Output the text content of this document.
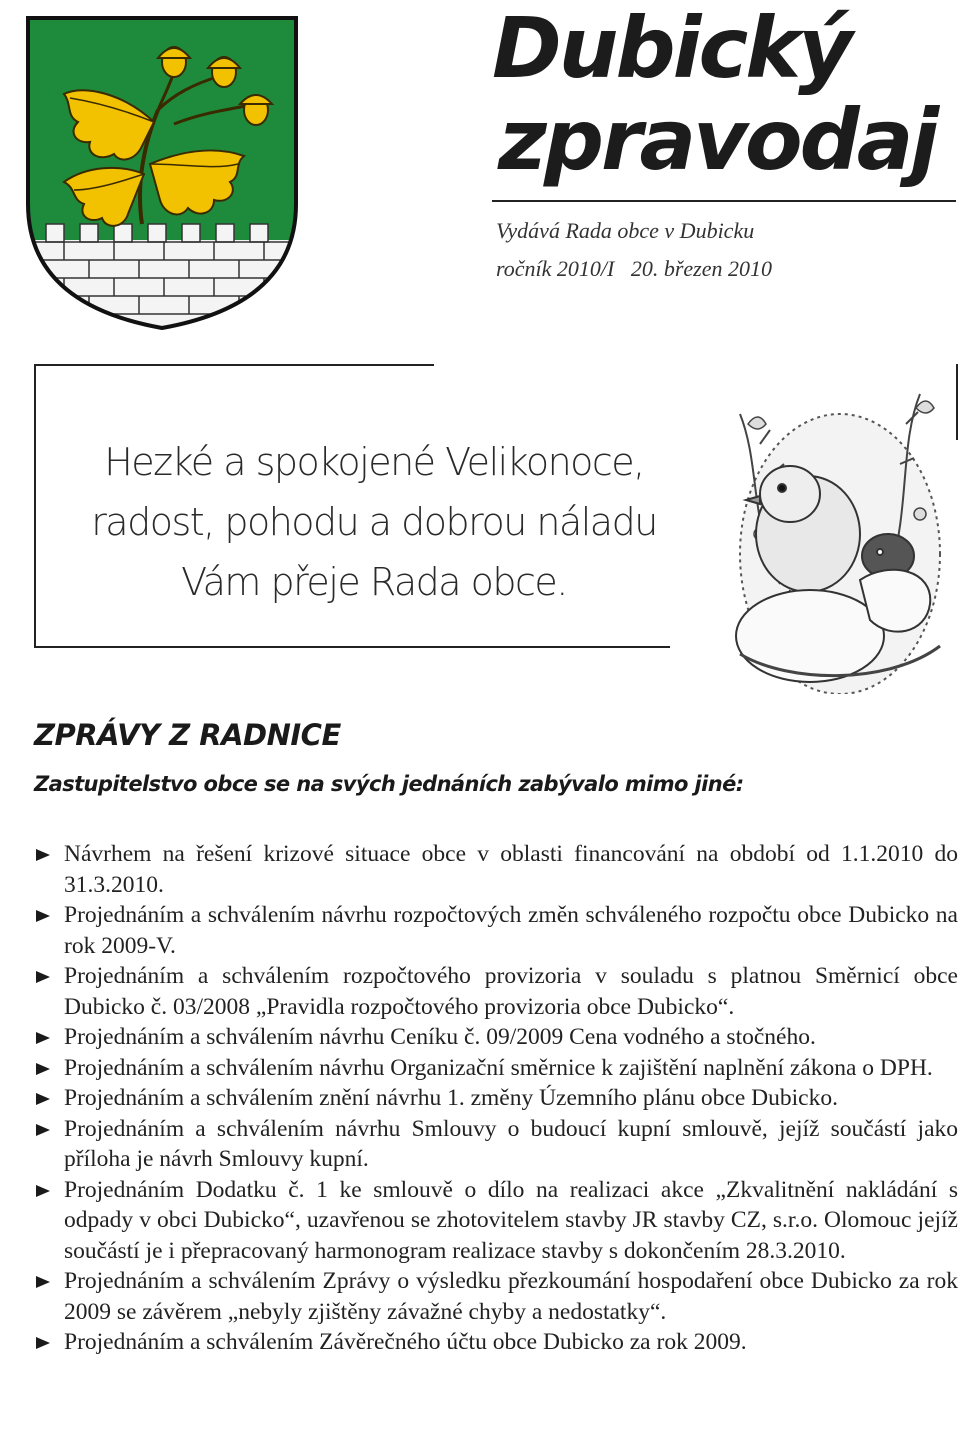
Dubický
zpravodaj
Vydává Rada obce v Dubicku
ročník 2010/I   20. březen 2010
Hezké a spokojené Velikonoce,
radost, pohodu a dobrou náladu
Vám přeje Rada obce.
ZPRÁVY Z RADNICE
Zastupitelstvo obce se na svých jednáních zabývalo mimo jiné:
Návrhem na řešení krizové situace obce v oblasti financování na období od 1.1.2010 do 31.3.2010.
Projednáním a schválením návrhu rozpočtových změn schváleného rozpočtu obce Dubicko na rok 2009-V.
Projednáním a schválením rozpočtového provizoria v souladu s platnou Směrnicí obce Dubicko č. 03/2008 „Pravidla rozpočtového provizoria obce Dubicko“.
Projednáním a schválením návrhu Ceníku č. 09/2009 Cena vodného a stočného.
Projednáním a schválením návrhu Organizační směrnice k zajištění naplnění zákona o DPH.
Projednáním a schválením znění návrhu 1. změny Územního plánu obce Dubicko.
Projednáním a schválením návrhu Smlouvy o budoucí kupní smlouvě, jejíž součástí jako příloha je návrh Smlouvy kupní.
Projednáním Dodatku č. 1 ke smlouvě o dílo na realizaci akce „Zkvalitnění nakládání s odpady v obci Dubicko“, uzavřenou se zhotovitelem stavby JR stavby CZ, s.r.o. Olomouc jejíž součástí je i přepracovaný harmonogram realizace stavby s dokončením 28.3.2010.
Projednáním a schválením Zprávy o výsledku přezkoumání hospodaření obce Dubicko za rok 2009 se závěrem „nebyly zjištěny závažné chyby a nedostatky“.
Projednáním a schválením Závěrečného účtu obce Dubicko za rok 2009.
